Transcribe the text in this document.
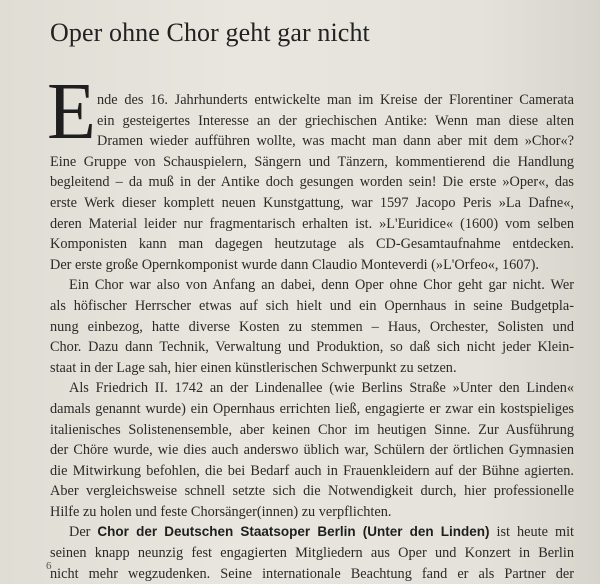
Oper ohne Chor geht gar nicht
E nde des 16. Jahrhunderts entwickelte man im Kreise der Florentiner Camerata
ein gesteigertes Interesse an der griechischen Antike: Wenn man diese alten
Dramen wieder aufführen wollte, was macht man dann aber mit dem »Chor«?
Eine Gruppe von Schauspielern, Sängern und Tänzern, kommentierend die Handlung
begleitend – da muß in der Antike doch gesungen worden sein! Die erste »Oper«, das
erste Werk dieser komplett neuen Kunstgattung, war 1597 Jacopo Peris »La Dafne«,
deren Material leider nur fragmentarisch erhalten ist. »L'Euridice« (1600) vom selben
Komponisten kann man dagegen heutzutage als CD-Gesamtaufnahme entdecken.
Der erste große Opernkomponist wurde dann Claudio Monteverdi (»L'Orfeo«, 1607).
Ein Chor war also von Anfang an dabei, denn Oper ohne Chor geht gar nicht. Wer
als höfischer Herrscher etwas auf sich hielt und ein Opernhaus in seine Budgetpla-
nung einbezog, hatte diverse Kosten zu stemmen – Haus, Orchester, Solisten und
Chor. Dazu dann Technik, Verwaltung und Produktion, so daß sich nicht jeder Klein-
staat in der Lage sah, hier einen künstlerischen Schwerpunkt zu setzen.
Als Friedrich II. 1742 an der Lindenallee (wie Berlins Straße »Unter den Linden«
damals genannt wurde) ein Opernhaus errichten ließ, engagierte er zwar ein kostspieliges
italienisches Solistenensemble, aber keinen Chor im heutigen Sinne. Zur Ausführung
der Chöre wurde, wie dies auch anderswo üblich war, Schülern der örtlichen Gymnasien
die Mitwirkung befohlen, die bei Bedarf auch in Frauenkleidern auf der Bühne agierten.
Aber vergleichsweise schnell setzte sich die Notwendigkeit durch, hier professionelle
Hilfe zu holen und feste Chorsänger(innen) zu verpflichten.
Der Chor der Deutschen Staatsoper Berlin (Unter den Linden) ist heute mit
seinen knapp neunzig fest engagierten Mitgliedern aus Oper und Konzert in Berlin
nicht mehr wegzudenken. Seine internationale Beachtung fand er als Partner der
6
